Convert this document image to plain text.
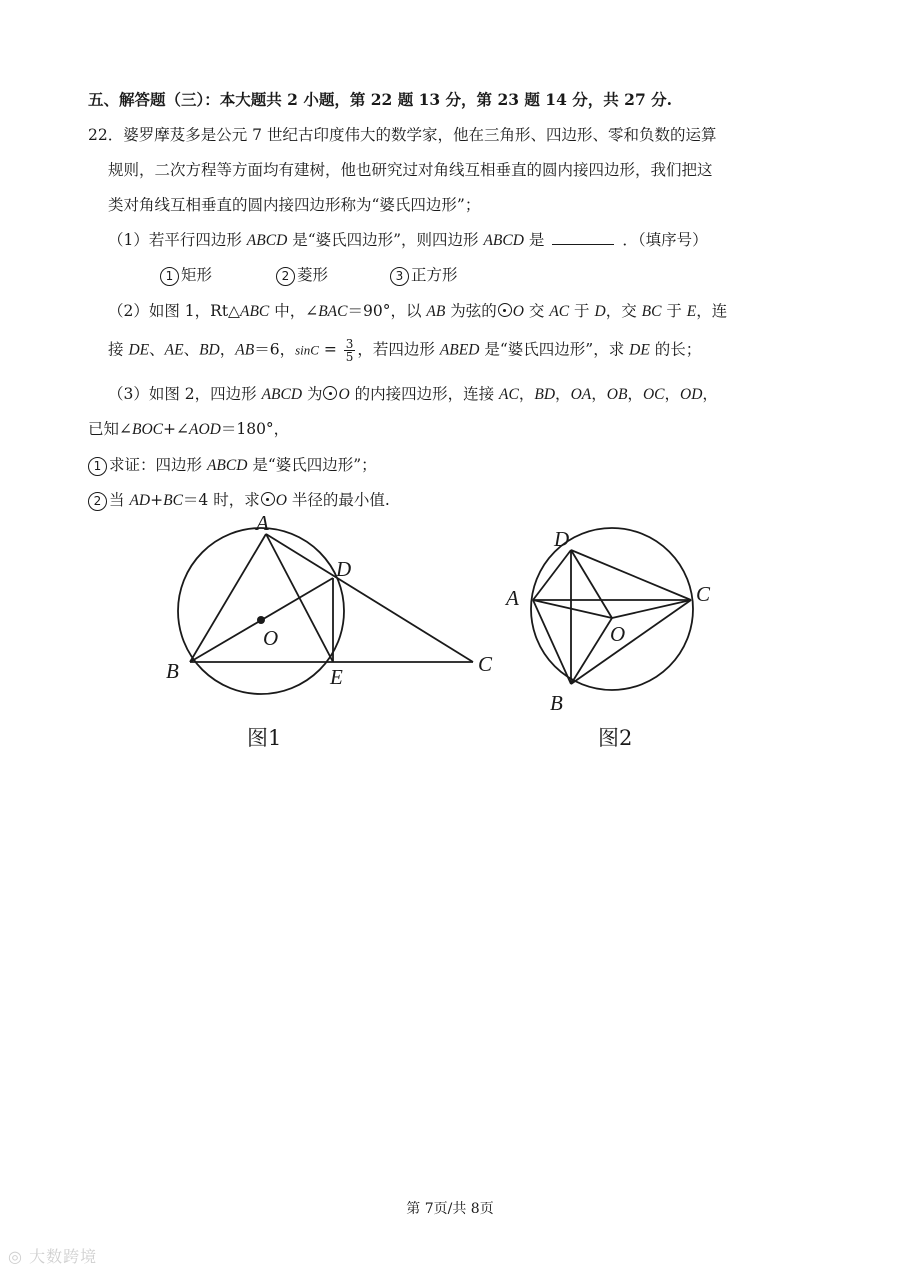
五、解答题（三）：本大题共 2 小题，第 22 题 13 分，第 23 题 14 分，共 27 分.
22．婆罗摩芨多是公元 7 世纪古印度伟大的数学家，他在三角形、四边形、零和负数的运算
规则，二次方程等方面均有建树，他也研究过对角线互相垂直的圆内接四边形，我们把这
类对角线互相垂直的圆内接四边形称为“婆氏四边形”；
（1）若平行四边形 ABCD 是“婆氏四边形”，则四边形 ABCD 是	．（填序号）
1 矩形	2 菱形	3 正方形
（2）如图 1，Rt△ABC 中，∠BAC＝90°，以 AB 为弦的 O 交 AC 于 D，交 BC 于 E，连
接 DE、AE、BD，AB＝6，$\sin C = \frac{3}{5}$ ，若四边形 ABED 是“婆氏四边形”，求 DE 的长；
（3）如图 2，四边形 ABCD 为 O 的内接四边形，连接 AC，BD，OA，OB，OC，OD，
已知∠BOC+∠AOD＝180°，
1 求证：四边形 ABCD 是“婆氏四边形”；
2 当 AD+BC＝4 时，求 O 半径的最小值.
A
D
O
B	E
C
图1
D
A	C
O
B
图2
第 7页/共 8页
◎ 大数跨境
